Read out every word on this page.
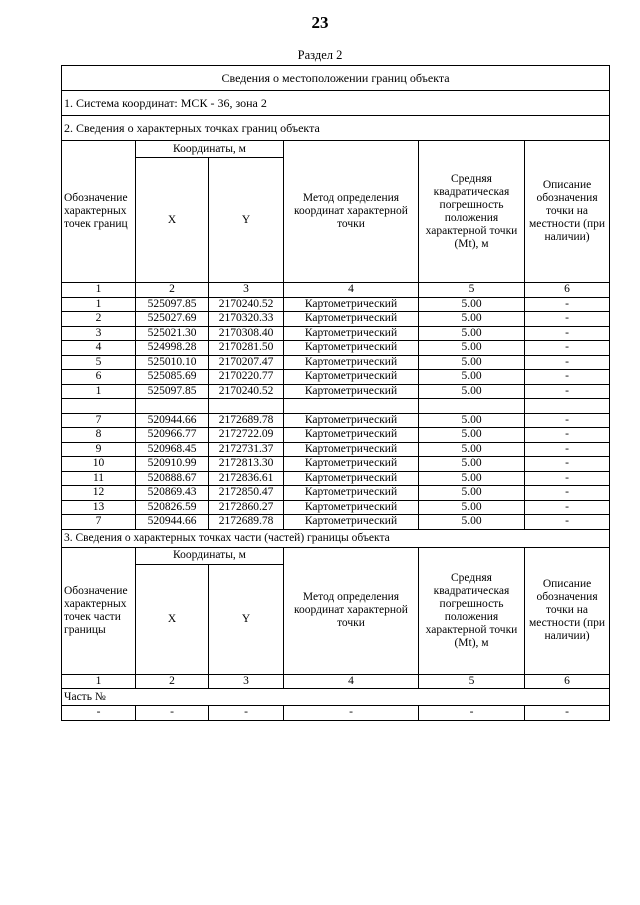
23
Раздел 2
Сведения о местоположении границ объекта					
1. Система координат: МСК - 36, зона 2					
2. Сведения о характерных точках границ объекта					
Обозначение характерных точек границ	Координаты, м		Метод определения координат характерной точки	Средняя квадратическая погрешность положения характерной точки (Mt), м	Описание обозначения точки на местности (при наличии)
	X	Y			
1	2	3	4	5	6
1	525097.85	2170240.52	Картометрический	5.00	-
2	525027.69	2170320.33	Картометрический	5.00	-
3	525021.30	2170308.40	Картометрический	5.00	-
4	524998.28	2170281.50	Картометрический	5.00	-
5	525010.10	2170207.47	Картометрический	5.00	-
6	525085.69	2170220.77	Картометрический	5.00	-
1	525097.85	2170240.52	Картометрический	5.00	-

7	520944.66	2172689.78	Картометрический	5.00	-
8	520966.77	2172722.09	Картометрический	5.00	-
9	520968.45	2172731.37	Картометрический	5.00	-
10	520910.99	2172813.30	Картометрический	5.00	-
11	520888.67	2172836.61	Картометрический	5.00	-
12	520869.43	2172850.47	Картометрический	5.00	-
13	520826.59	2172860.27	Картометрический	5.00	-
7	520944.66	2172689.78	Картометрический	5.00	-
3. Сведения о характерных точках части (частей) границы объекта					
Обозначение характерных точек части границы	Координаты, м		Метод определения координат характерной точки	Средняя квадратическая погрешность положения характерной точки (Mt), м	Описание обозначения точки на местности (при наличии)
	X	Y			
1	2	3	4	5	6
Часть №					
-	-	-	-	-	-
